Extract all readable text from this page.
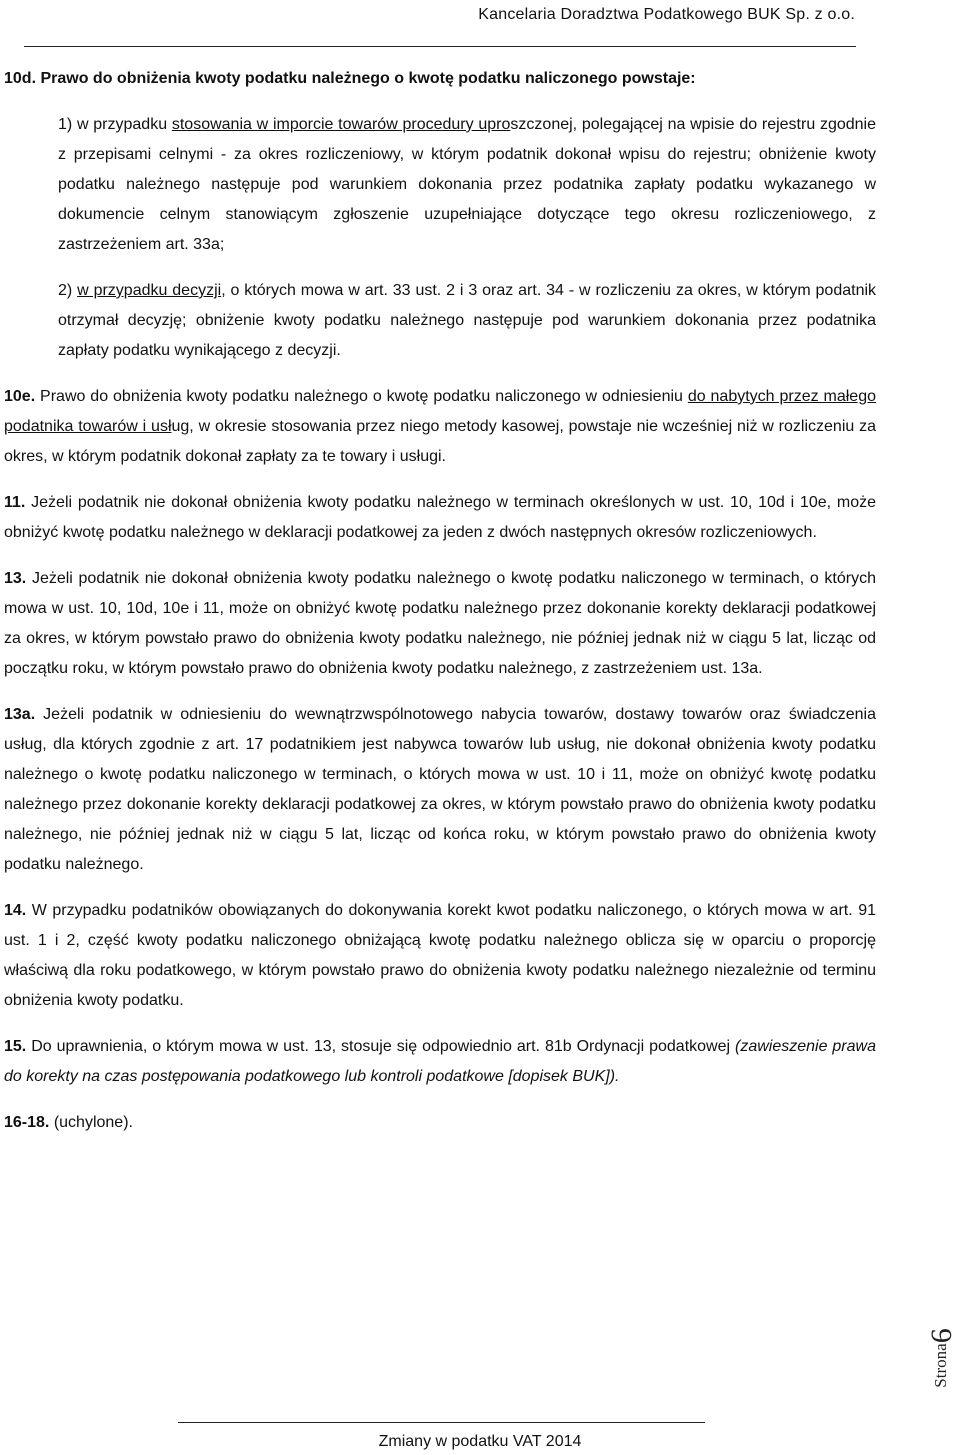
Kancelaria Doradztwa Podatkowego BUK Sp. z o.o.

10d. Prawo do obniżenia kwoty podatku należnego o kwotę podatku naliczonego powstaje:

1) w przypadku stosowania w imporcie towarów procedury uproszczonej, polegającej na wpisie do rejestru zgodnie z przepisami celnymi - za okres rozliczeniowy, w którym podatnik dokonał wpisu do rejestru; obniżenie kwoty podatku należnego następuje pod warunkiem dokonania przez podatnika zapłaty podatku wykazanego w dokumencie celnym stanowiącym zgłoszenie uzupełniające dotyczące tego okresu rozliczeniowego, z zastrzeżeniem art. 33a;

2) w przypadku decyzji, o których mowa w art. 33 ust. 2 i 3 oraz art. 34 - w rozliczeniu za okres, w którym podatnik otrzymał decyzję; obniżenie kwoty podatku należnego następuje pod warunkiem dokonania przez podatnika zapłaty podatku wynikającego z decyzji.

10e. Prawo do obniżenia kwoty podatku należnego o kwotę podatku naliczonego w odniesieniu do nabytych przez małego podatnika towarów i usług, w okresie stosowania przez niego metody kasowej, powstaje nie wcześniej niż w rozliczeniu za okres, w którym podatnik dokonał zapłaty za te towary i usługi.

11. Jeżeli podatnik nie dokonał obniżenia kwoty podatku należnego w terminach określonych w ust. 10, 10d i 10e, może obniżyć kwotę podatku należnego w deklaracji podatkowej za jeden z dwóch następnych okresów rozliczeniowych.

13. Jeżeli podatnik nie dokonał obniżenia kwoty podatku należnego o kwotę podatku naliczonego w terminach, o których mowa w ust. 10, 10d, 10e i 11, może on obniżyć kwotę podatku należnego przez dokonanie korekty deklaracji podatkowej za okres, w którym powstało prawo do obniżenia kwoty podatku należnego, nie później jednak niż w ciągu 5 lat, licząc od początku roku, w którym powstało prawo do obniżenia kwoty podatku należnego, z zastrzeżeniem ust. 13a.

13a. Jeżeli podatnik w odniesieniu do wewnątrzwspólnotowego nabycia towarów, dostawy towarów oraz świadczenia usług, dla których zgodnie z art. 17 podatnikiem jest nabywca towarów lub usług, nie dokonał obniżenia kwoty podatku należnego o kwotę podatku naliczonego w terminach, o których mowa w ust. 10 i 11, może on obniżyć kwotę podatku należnego przez dokonanie korekty deklaracji podatkowej za okres, w którym powstało prawo do obniżenia kwoty podatku należnego, nie później jednak niż w ciągu 5 lat, licząc od końca roku, w którym powstało prawo do obniżenia kwoty podatku należnego.

14. W przypadku podatników obowiązanych do dokonywania korekt kwot podatku naliczonego, o których mowa w art. 91 ust. 1 i 2, część kwoty podatku naliczonego obniżającą kwotę podatku należnego oblicza się w oparciu o proporcję właściwą dla roku podatkowego, w którym powstało prawo do obniżenia kwoty podatku należnego niezależnie od terminu obniżenia kwoty podatku.

15. Do uprawnienia, o którym mowa w ust. 13, stosuje się odpowiednio art. 81b Ordynacji podatkowej (zawieszenie prawa do korekty na czas postępowania podatkowego lub kontroli podatkowe [dopisek BUK]).

16-18. (uchylone).

Strona6
Zmiany w podatku VAT 2014
